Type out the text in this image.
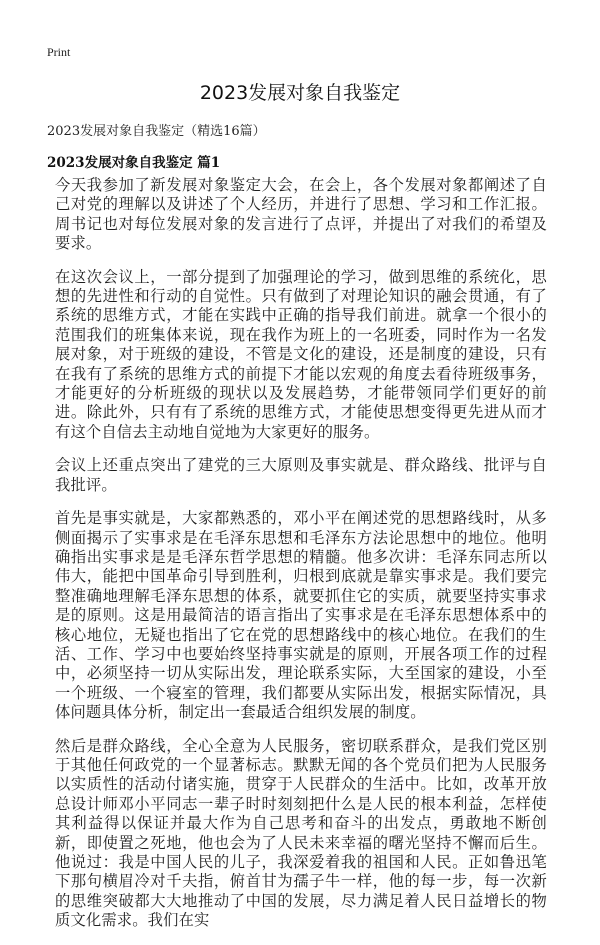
Print
2023发展对象自我鉴定
2023发展对象自我鉴定（精选16篇）
2023发展对象自我鉴定 篇1

今天我参加了新发展对象鉴定大会，在会上，各个发展对象都阐述了自己对党的理解以及讲述了个人经历，并进行了思想、学习和工作汇报。周书记也对每位发展对象的发言进行了点评，并提出了对我们的希望及要求。

在这次会议上，一部分提到了加强理论的学习，做到思维的系统化，思想的先进性和行动的自觉性。只有做到了对理论知识的融会贯通，有了系统的思维方式，才能在实践中正确的指导我们前进。就拿一个很小的范围我们的班集体来说，现在我作为班上的一名班委，同时作为一名发展对象，对于班级的建设，不管是文化的建设，还是制度的建设，只有在我有了系统的思维方式的前提下才能以宏观的角度去看待班级事务，才能更好的分析班级的现状以及发展趋势，才能带领同学们更好的前进。除此外，只有有了系统的思维方式，才能使思想变得更先进从而才有这个自信去主动地自觉地为大家更好的服务。

会议上还重点突出了建党的三大原则及事实就是、群众路线、批评与自我批评。

首先是事实就是，大家都熟悉的，邓小平在阐述党的思想路线时，从多侧面揭示了实事求是在毛泽东思想和毛泽东方法论思想中的地位。他明确指出实事求是是毛泽东哲学思想的精髓。他多次讲：毛泽东同志所以伟大，能把中国革命引导到胜利，归根到底就是靠实事求是。我们要完整准确地理解毛泽东思想的体系，就要抓住它的实质，就要坚持实事求是的原则。这是用最简洁的语言指出了实事求是在毛泽东思想体系中的核心地位，无疑也指出了它在党的思想路线中的核心地位。在我们的生活、工作、学习中也要始终坚持事实就是的原则，开展各项工作的过程中，必须坚持一切从实际出发，理论联系实际，大至国家的建设，小至一个班级、一个寝室的管理，我们都要从实际出发，根据实际情况，具体问题具体分析，制定出一套最适合组织发展的制度。

然后是群众路线，全心全意为人民服务，密切联系群众，是我们党区别于其他任何政党的一个显著标志。默默无闻的各个党员们把为人民服务以实质性的活动付诸实施，贯穿于人民群众的生活中。比如，改革开放总设计师邓小平同志一辈子时时刻刻把什么是人民的根本利益，怎样使其利益得以保证并最大作为自己思考和奋斗的出发点，勇敢地不断创新，即使置之死地，他也会为了人民未来幸福的曙光坚持不懈而后生。他说过：我是中国人民的儿子，我深爱着我的祖国和人民。正如鲁迅笔下那句横眉冷对千夫指，俯首甘为孺子牛一样，他的每一步，每一次新的思维突破都大大地推动了中国的发展，尽力满足着人民日益增长的物质文化需求。我们在实
